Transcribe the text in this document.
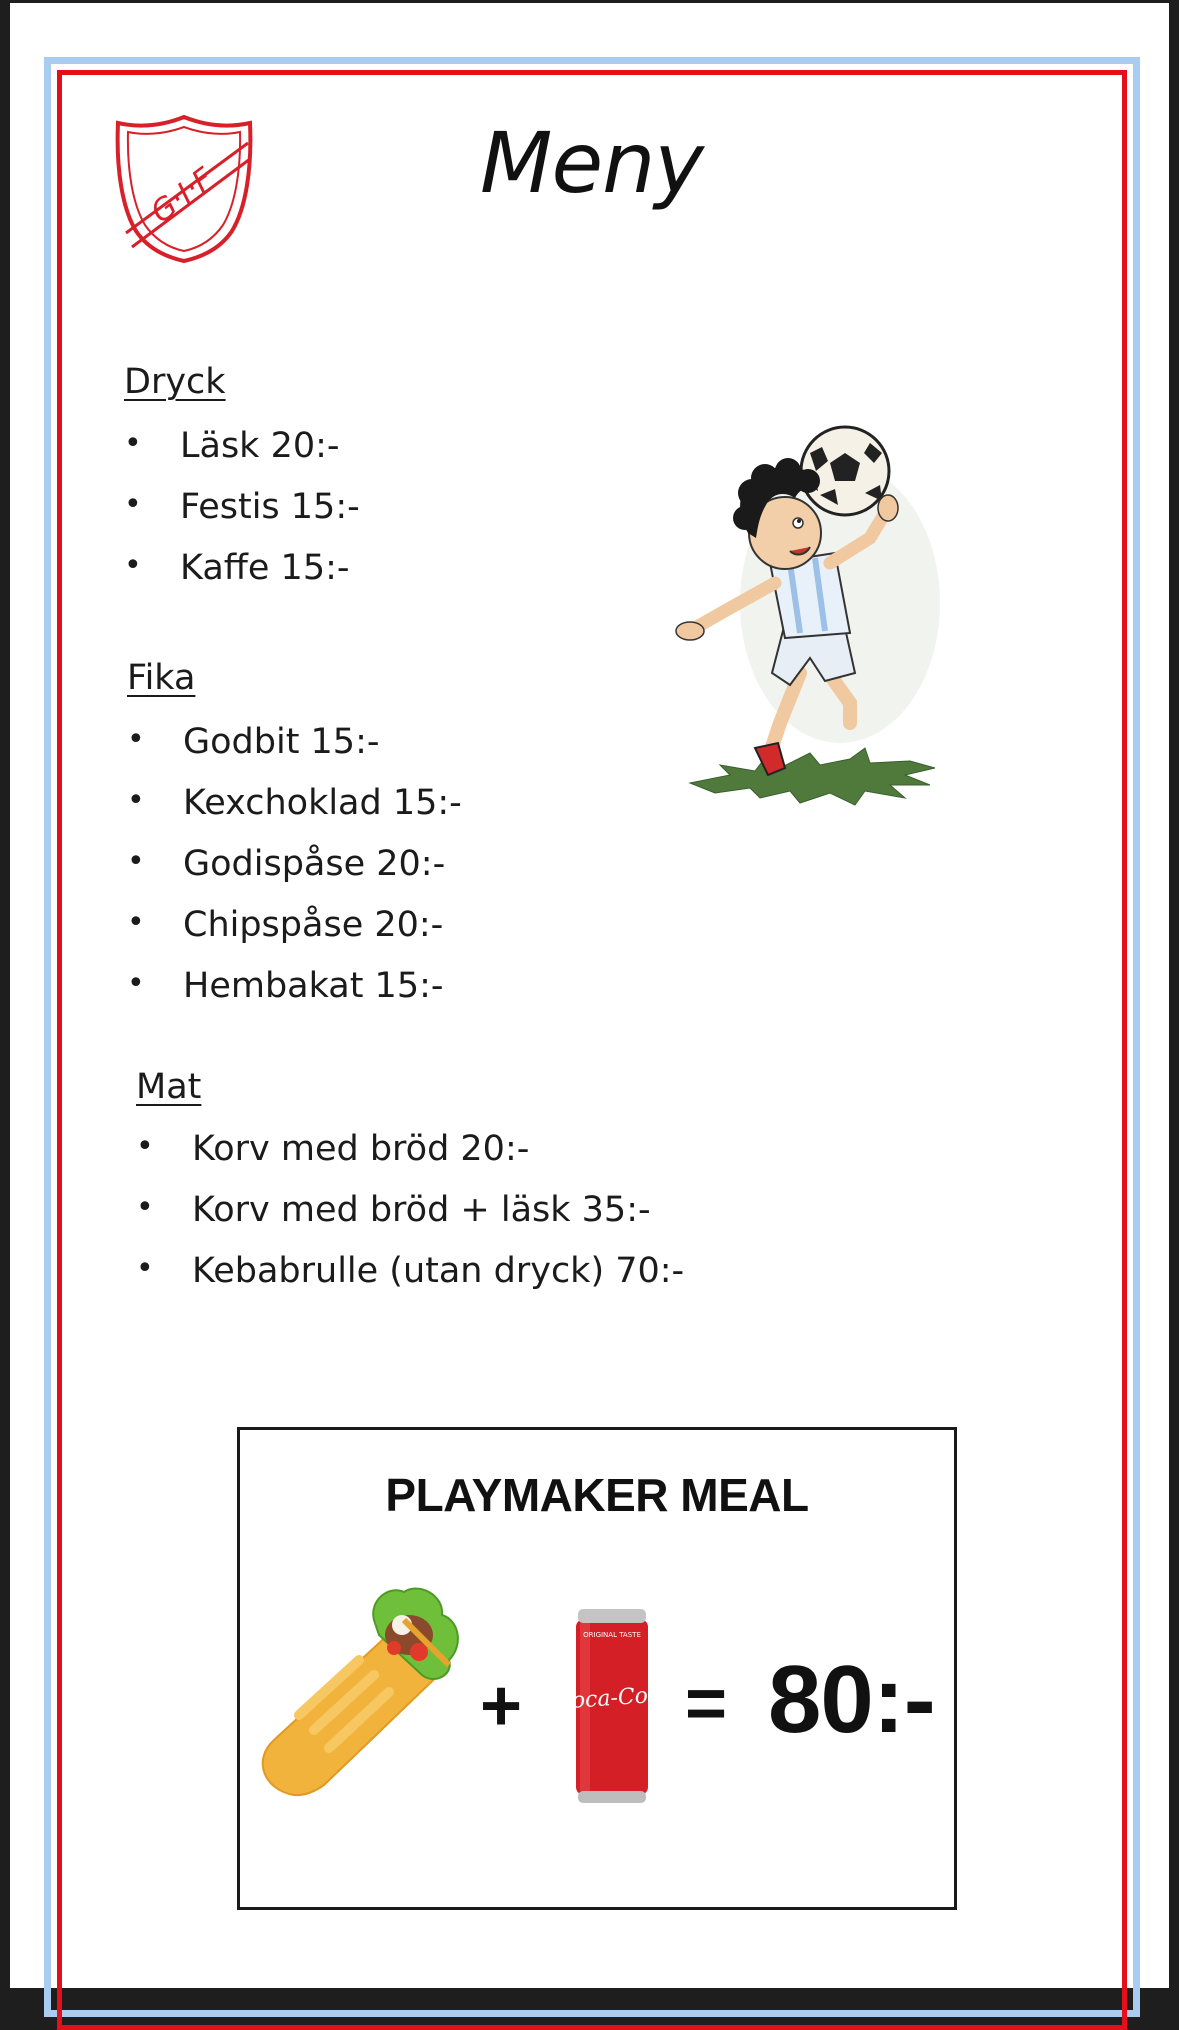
G·I·F	Meny
Dryck
• Läsk 20:-
• Festis 15:-
• Kaffe 15:-
Fika
• Godbit 15:-
• Kexchoklad 15:-
• Godispåse 20:-
• Chipspåse 20:-
• Hembakat 15:-
Mat
• Korv med bröd 20:-
• Korv med bröd + läsk 35:-
• Kebabrulle (utan dryck) 70:-
PLAYMAKER MEAL
+
ORIGINAL TASTE
Coca-Cola = 80:-
